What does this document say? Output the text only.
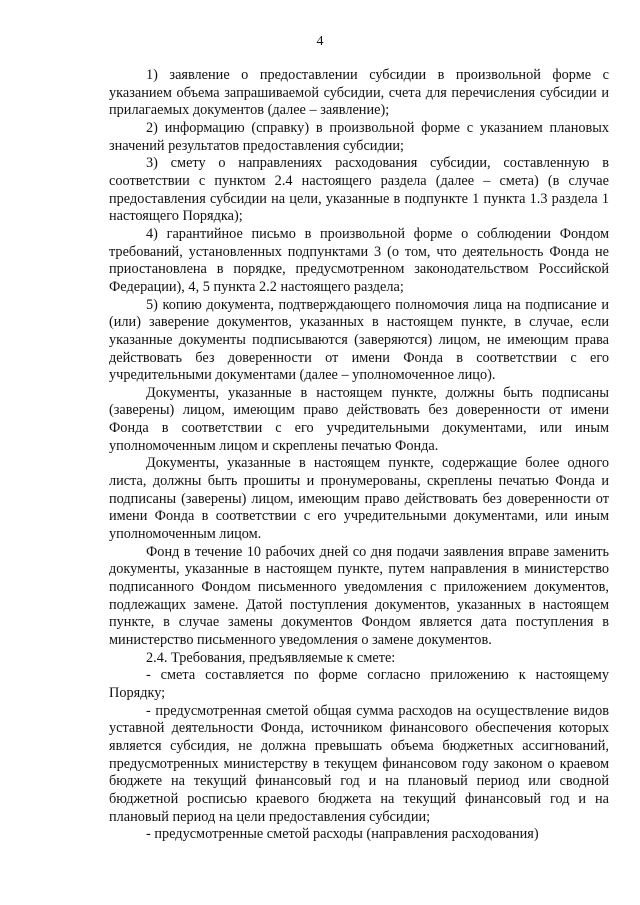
4

1) заявление о предоставлении субсидии в произвольной форме с указанием объема запрашиваемой субсидии, счета для перечисления субсидии и прилагаемых документов (далее – заявление);

2) информацию (справку) в произвольной форме с указанием плановых значений результатов предоставления субсидии;

3) смету о направлениях расходования субсидии, составленную в соответствии с пунктом 2.4 настоящего раздела (далее – смета) (в случае предоставления субсидии на цели, указанные в подпункте 1 пункта 1.3 раздела 1 настоящего Порядка);

4) гарантийное письмо в произвольной форме о соблюдении Фондом требований, установленных подпунктами 3 (о том, что деятельность Фонда не приостановлена в порядке, предусмотренном законодательством Российской Федерации), 4, 5 пункта 2.2 настоящего раздела;

5) копию документа, подтверждающего полномочия лица на подписание и (или) заверение документов, указанных в настоящем пункте, в случае, если указанные документы подписываются (заверяются) лицом, не имеющим права действовать без доверенности от имени Фонда в соответствии с его учредительными документами (далее – уполномоченное лицо).

Документы, указанные в настоящем пункте, должны быть подписаны (заверены) лицом, имеющим право действовать без доверенности от имени Фонда в соответствии с его учредительными документами, или иным уполномоченным лицом и скреплены печатью Фонда.

Документы, указанные в настоящем пункте, содержащие более одного листа, должны быть прошиты и пронумерованы, скреплены печатью Фонда и подписаны (заверены) лицом, имеющим право действовать без доверенности от имени Фонда в соответствии с его учредительными документами, или иным уполномоченным лицом.

Фонд в течение 10 рабочих дней со дня подачи заявления вправе заменить документы, указанные в настоящем пункте, путем направления в министерство подписанного Фондом письменного уведомления с приложением документов, подлежащих замене. Датой поступления документов, указанных в настоящем пункте, в случае замены документов Фондом является дата поступления в министерство письменного уведомления о замене документов.

2.4. Требования, предъявляемые к смете:

- смета составляется по форме согласно приложению к настоящему Порядку;

- предусмотренная сметой общая сумма расходов на осуществление видов уставной деятельности Фонда, источником финансового обеспечения которых является субсидия, не должна превышать объема бюджетных ассигнований, предусмотренных министерству в текущем финансовом году законом о краевом бюджете на текущий финансовый год и на плановый период или сводной бюджетной росписью краевого бюджета на текущий финансовый год и на плановый период на цели предоставления субсидии;

- предусмотренные сметой расходы (направления расходования)
